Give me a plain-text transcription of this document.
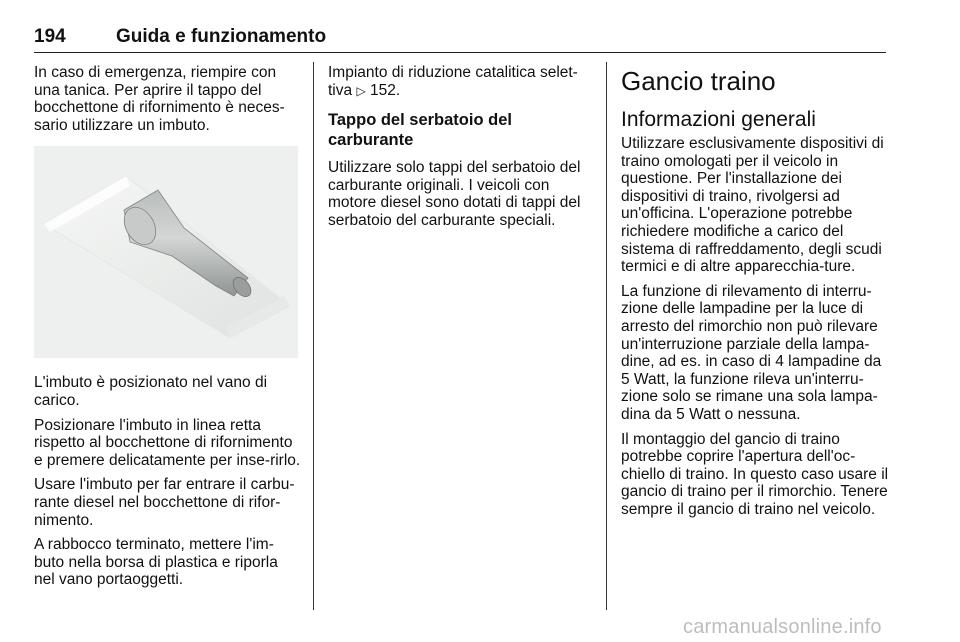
194	Guida e funzionamento

In caso di emergenza, riempire con una tanica. Per aprire il tappo del bocchettone di rifornimento è neces-sario utilizzare un imbuto.

L'imbuto è posizionato nel vano di carico.

Posizionare l'imbuto in linea retta rispetto al bocchettone di rifornimento e premere delicatamente per inse-rirlo.

Usare l'imbuto per far entrare il carbu-rante diesel nel bocchettone di rifor-nimento.

A rabbocco terminato, mettere l'im-buto nella borsa di plastica e riporla nel vano portaoggetti.

Impianto di riduzione catalitica selet-tiva ▷ 152.

Tappo del serbatoio del carburante

Utilizzare solo tappi del serbatoio del carburante originali. I veicoli con motore diesel sono dotati di tappi del serbatoio del carburante speciali.

Gancio traino
Informazioni generali

Utilizzare esclusivamente dispositivi di traino omologati per il veicolo in questione. Per l'installazione dei dispositivi di traino, rivolgersi ad un'officina. L'operazione potrebbe richiedere modifiche a carico del sistema di raffreddamento, degli scudi termici e di altre apparecchia-ture.

La funzione di rilevamento di interru-zione delle lampadine per la luce di arresto del rimorchio non può rilevare un'interruzione parziale della lampa-dine, ad es. in caso di 4 lampadine da 5 Watt, la funzione rileva un'interru-zione solo se rimane una sola lampa-dina da 5 Watt o nessuna.

Il montaggio del gancio di traino potrebbe coprire l'apertura dell'oc-chiello di traino. In questo caso usare il gancio di traino per il rimorchio. Tenere sempre il gancio di traino nel veicolo.

carmanualsonline.info
